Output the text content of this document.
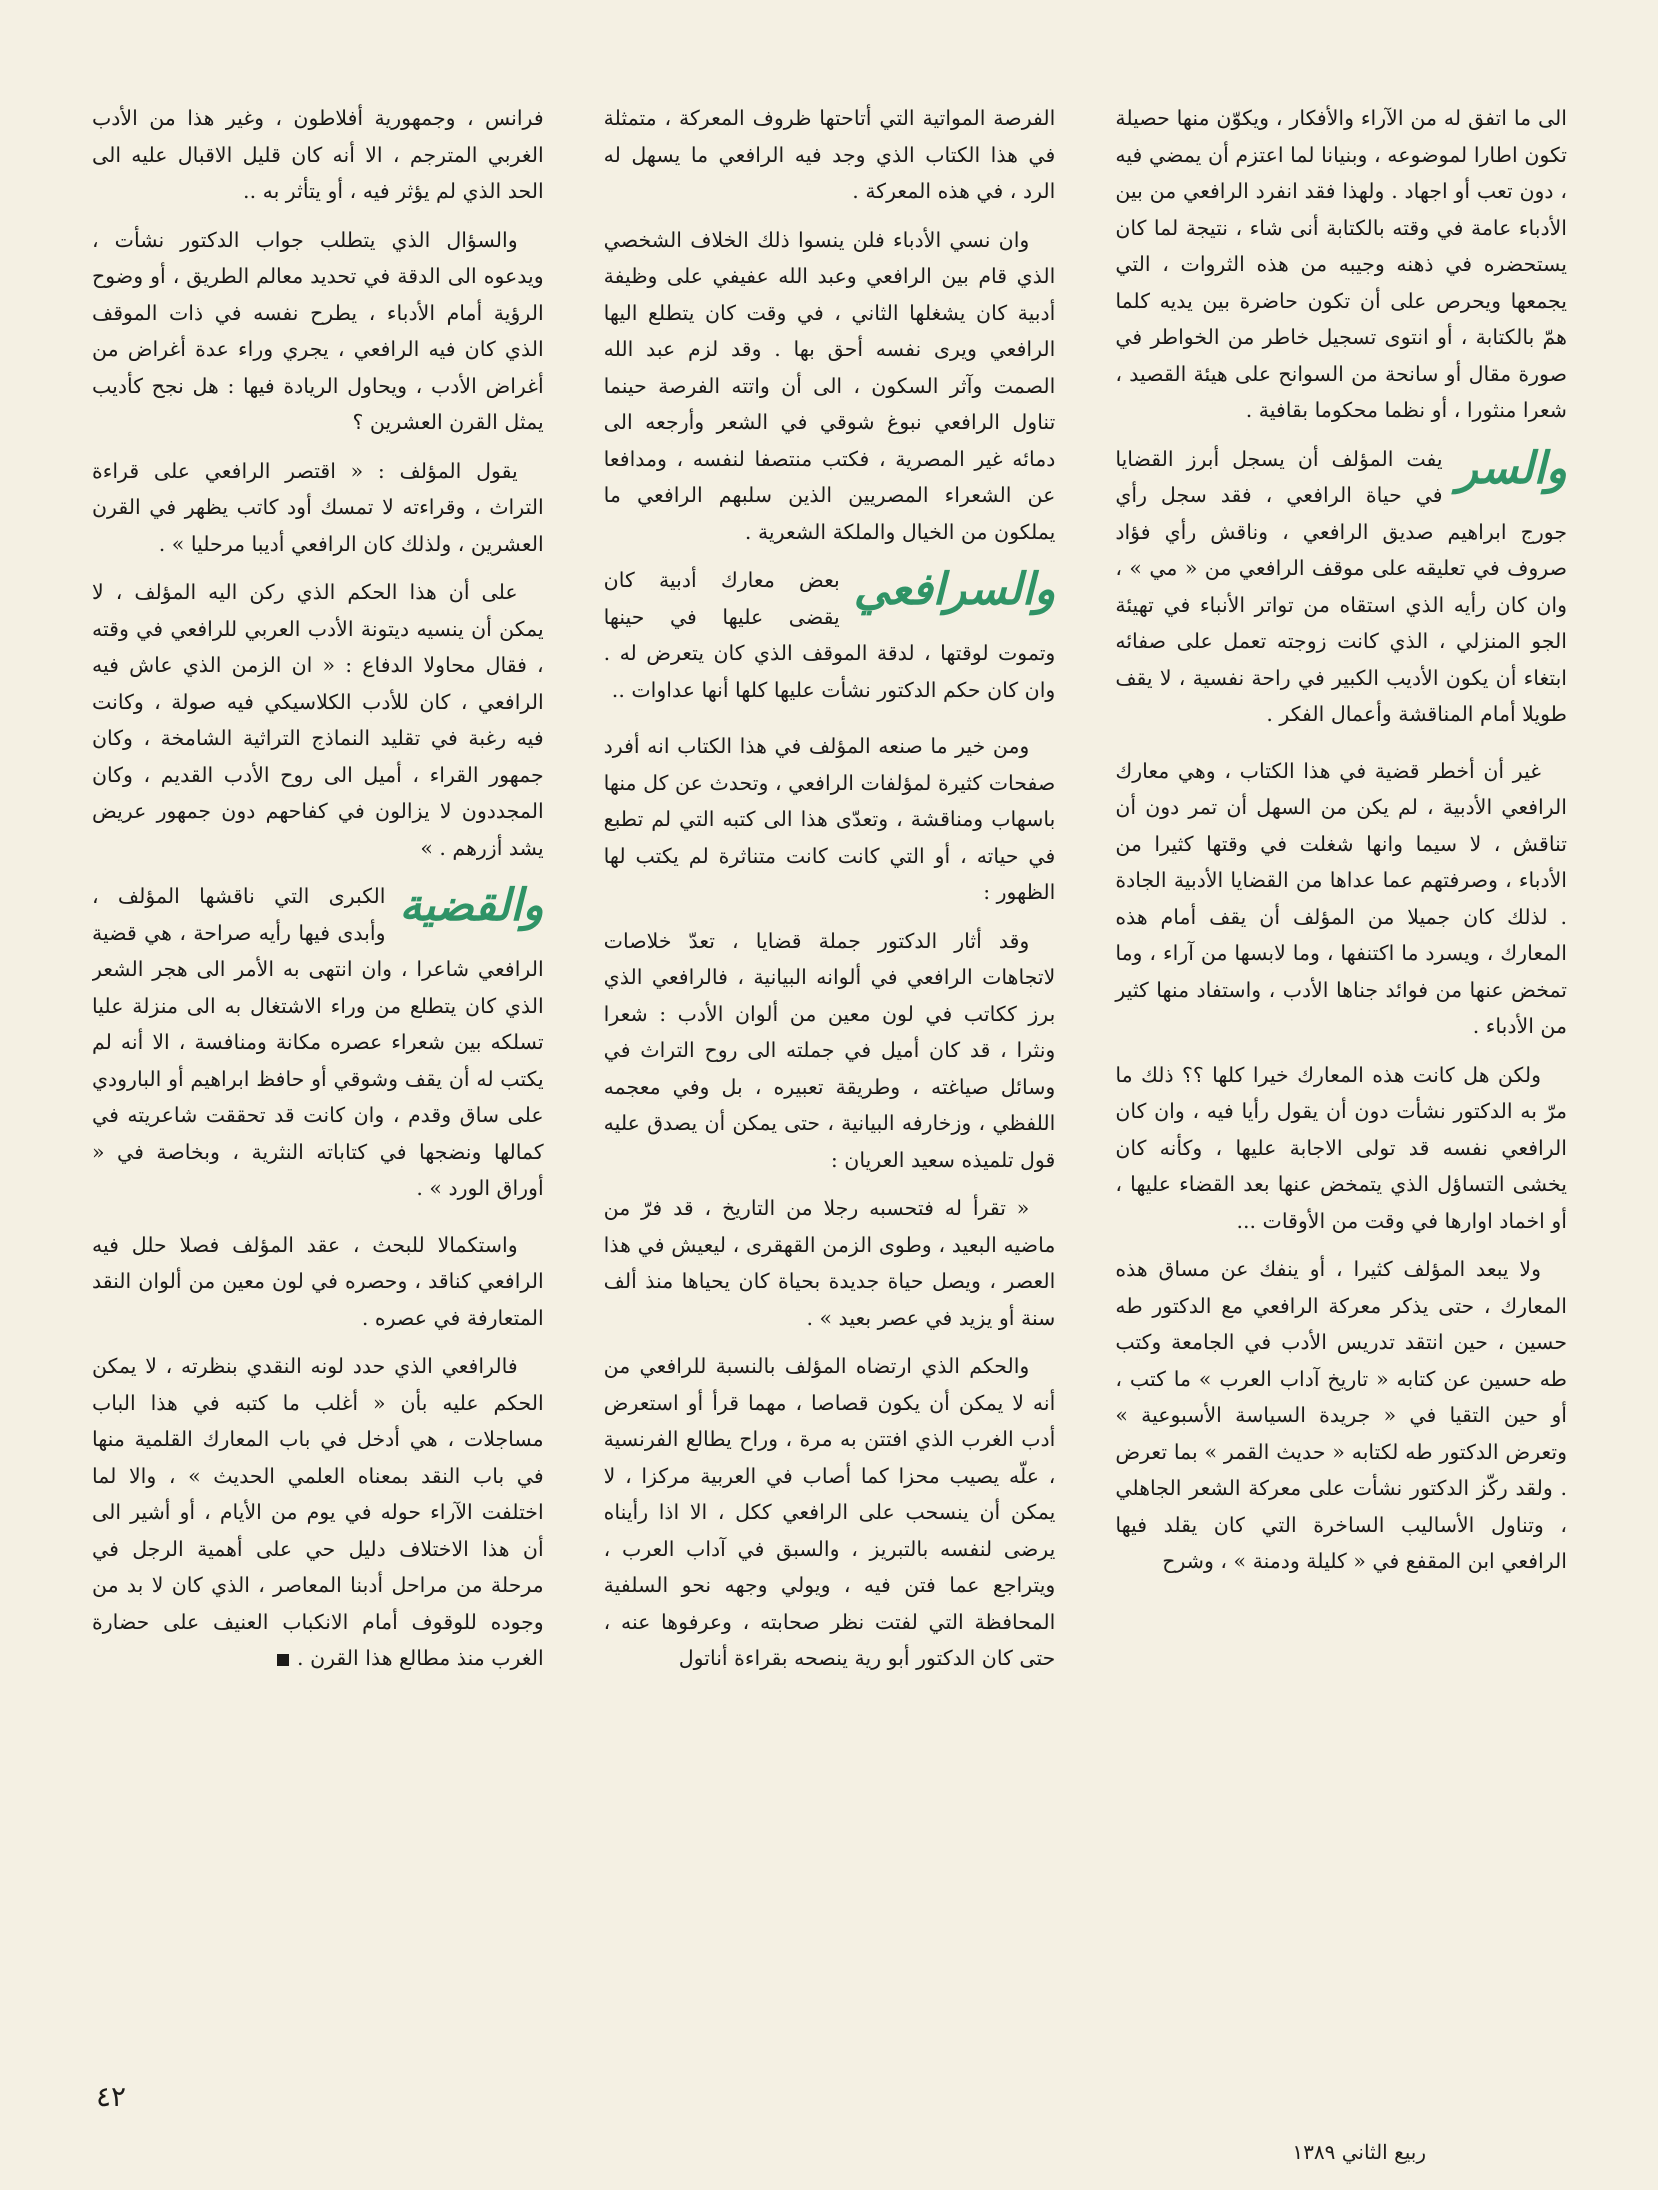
الى ما اتفق له من الآراء والأفكار ، ويكوّن منها حصيلة تكون اطارا لموضوعه ، وبنيانا لما اعتزم أن يمضي فيه ، دون تعب أو اجهاد . ولهذا فقد انفرد الرافعي من بين الأدباء عامة في وقته بالكتابة أنى شاء ، نتيجة لما كان يستحضره في ذهنه وجيبه من هذه الثروات ، التي يجمعها ويحرص على أن تكون حاضرة بين يديه كلما همّ بالكتابة ، أو انتوى تسجيل خاطر من الخواطر في صورة مقال أو سانحة من السوانح على هيئة القصيد ، شعرا منثورا ، أو نظما محكوما بقافية .

والسر

يفت المؤلف أن يسجل أبرز القضايا في حياة الرافعي ، فقد سجل رأي جورج ابراهيم صديق الرافعي ، وناقش رأي فؤاد صروف في تعليقه على موقف الرافعي من « مي » ، وان كان رأيه الذي استقاه من تواتر الأنباء في تهيئة الجو المنزلي ، الذي كانت زوجته تعمل على صفائه ابتغاء أن يكون الأديب الكبير في راحة نفسية ، لا يقف طويلا أمام المناقشة وأعمال الفكر .

غير أن أخطر قضية في هذا الكتاب ، وهي معارك الرافعي الأدبية ، لم يكن من السهل أن تمر دون أن تناقش ، لا سيما وانها شغلت في وقتها كثيرا من الأدباء ، وصرفتهم عما عداها من القضايا الأدبية الجادة . لذلك كان جميلا من المؤلف أن يقف أمام هذه المعارك ، ويسرد ما اكتنفها ، وما لابسها من آراء ، وما تمخض عنها من فوائد جناها الأدب ، واستفاد منها كثير من الأدباء .

ولكن هل كانت هذه المعارك خيرا كلها ؟؟ ذلك ما مرّ به الدكتور نشأت دون أن يقول رأيا فيه ، وان كان الرافعي نفسه قد تولى الاجابة عليها ، وكأنه كان يخشى التساؤل الذي يتمخض عنها بعد القضاء عليها ، أو اخماد اوارها في وقت من الأوقات ...

ولا يبعد المؤلف كثيرا ، أو ينفك عن مساق هذه المعارك ، حتى يذكر معركة الرافعي مع الدكتور طه حسين ، حين انتقد تدريس الأدب في الجامعة وكتب طه حسين عن كتابه « تاريخ آداب العرب » ما كتب ، أو حين التقيا في « جريدة السياسة الأسبوعية » وتعرض الدكتور طه لكتابه « حديث القمر » بما تعرض . ولقد ركّز الدكتور نشأت على معركة الشعر الجاهلي ، وتناول الأساليب الساخرة التي كان يقلد فيها الرافعي ابن المقفع في « كليلة ودمنة » ، وشرح

الفرصة المواتية التي أتاحتها ظروف المعركة ، متمثلة في هذا الكتاب الذي وجد فيه الرافعي ما يسهل له الرد ، في هذه المعركة .

وان نسي الأدباء فلن ينسوا ذلك الخلاف الشخصي الذي قام بين الرافعي وعبد الله عفيفي على وظيفة أدبية كان يشغلها الثاني ، في وقت كان يتطلع اليها الرافعي ويرى نفسه أحق بها . وقد لزم عبد الله الصمت وآثر السكون ، الى أن واتته الفرصة حينما تناول الرافعي نبوغ شوقي في الشعر وأرجعه الى دمائه غير المصرية ، فكتب منتصفا لنفسه ، ومدافعا عن الشعراء المصريين الذين سلبهم الرافعي ما يملكون من الخيال والملكة الشعرية .

والسرافعي

بعض معارك أدبية كان يقضى عليها في حينها وتموت لوقتها ، لدقة الموقف الذي كان يتعرض له . وان كان حكم الدكتور نشأت عليها كلها أنها عداوات ..

ومن خير ما صنعه المؤلف في هذا الكتاب انه أفرد صفحات كثيرة لمؤلفات الرافعي ، وتحدث عن كل منها باسهاب ومناقشة ، وتعدّى هذا الى كتبه التي لم تطبع في حياته ، أو التي كانت كانت متناثرة لم يكتب لها الظهور :

وقد أثار الدكتور جملة قضايا ، تعدّ خلاصات لاتجاهات الرافعي في ألوانه البيانية ، فالرافعي الذي برز ككاتب في لون معين من ألوان الأدب : شعرا ونثرا ، قد كان أميل في جملته الى روح التراث في وسائل صياغته ، وطريقة تعبيره ، بل وفي معجمه اللفظي ، وزخارفه البيانية ، حتى يمكن أن يصدق عليه قول تلميذه سعيد العريان :

« تقرأ له فتحسبه رجلا من التاريخ ، قد فرّ من ماضيه البعيد ، وطوى الزمن القهقرى ، ليعيش في هذا العصر ، ويصل حياة جديدة بحياة كان يحياها منذ ألف سنة أو يزيد في عصر بعيد » .

والحكم الذي ارتضاه المؤلف بالنسبة للرافعي من أنه لا يمكن أن يكون قصاصا ، مهما قرأ أو استعرض أدب الغرب الذي افتتن به مرة ، وراح يطالع الفرنسية ، علّه يصيب محزا كما أصاب في العربية مركزا ، لا يمكن أن ينسحب على الرافعي ككل ، الا اذا رأيناه يرضى لنفسه بالتبريز ، والسبق في آداب العرب ، ويتراجع عما فتن فيه ، ويولي وجهه نحو السلفية المحافظة التي لفتت نظر صحابته ، وعرفوها عنه ، حتى كان الدكتور أبو رية ينصحه بقراءة أناتول

فرانس ، وجمهورية أفلاطون ، وغير هذا من الأدب الغربي المترجم ، الا أنه كان قليل الاقبال عليه الى الحد الذي لم يؤثر فيه ، أو يتأثر به ..

والسؤال الذي يتطلب جواب الدكتور نشأت ، ويدعوه الى الدقة في تحديد معالم الطريق ، أو وضوح الرؤية أمام الأدباء ، يطرح نفسه في ذات الموقف الذي كان فيه الرافعي ، يجري وراء عدة أغراض من أغراض الأدب ، ويحاول الريادة فيها : هل نجح كأديب يمثل القرن العشرين ؟

يقول المؤلف : « اقتصر الرافعي على قراءة التراث ، وقراءته لا تمسك أود كاتب يظهر في القرن العشرين ، ولذلك كان الرافعي أديبا مرحليا » .

على أن هذا الحكم الذي ركن اليه المؤلف ، لا يمكن أن ينسيه ديتونة الأدب العربي للرافعي في وقته ، فقال محاولا الدفاع : « ان الزمن الذي عاش فيه الرافعي ، كان للأدب الكلاسيكي فيه صولة ، وكانت فيه رغبة في تقليد النماذج التراثية الشامخة ، وكان جمهور القراء ، أميل الى روح الأدب القديم ، وكان المجددون لا يزالون في كفاحهم دون جمهور عريض يشد أزرهم . »

والقضية

الكبرى التي ناقشها المؤلف ، وأبدى فيها رأيه صراحة ، هي قضية الرافعي شاعرا ، وان انتهى به الأمر الى هجر الشعر الذي كان يتطلع من وراء الاشتغال به الى منزلة عليا تسلكه بين شعراء عصره مكانة ومنافسة ، الا أنه لم يكتب له أن يقف وشوقي أو حافظ ابراهيم أو البارودي على ساق وقدم ، وان كانت قد تحققت شاعريته في كمالها ونضجها في كتاباته النثرية ، وبخاصة في « أوراق الورد » .

واستكمالا للبحث ، عقد المؤلف فصلا حلل فيه الرافعي كناقد ، وحصره في لون معين من ألوان النقد المتعارفة في عصره .

فالرافعي الذي حدد لونه النقدي بنظرته ، لا يمكن الحكم عليه بأن « أغلب ما كتبه في هذا الباب مساجلات ، هي أدخل في باب المعارك القلمية منها في باب النقد بمعناه العلمي الحديث » ، والا لما اختلفت الآراء حوله في يوم من الأيام ، أو أشير الى أن هذا الاختلاف دليل حي على أهمية الرجل في مرحلة من مراحل أدبنا المعاصر ، الذي كان لا بد من وجوده للوقوف أمام الانكباب العنيف على حضارة الغرب منذ مطالع هذا القرن .

٤٢
ربيع الثاني ١٣٨٩
